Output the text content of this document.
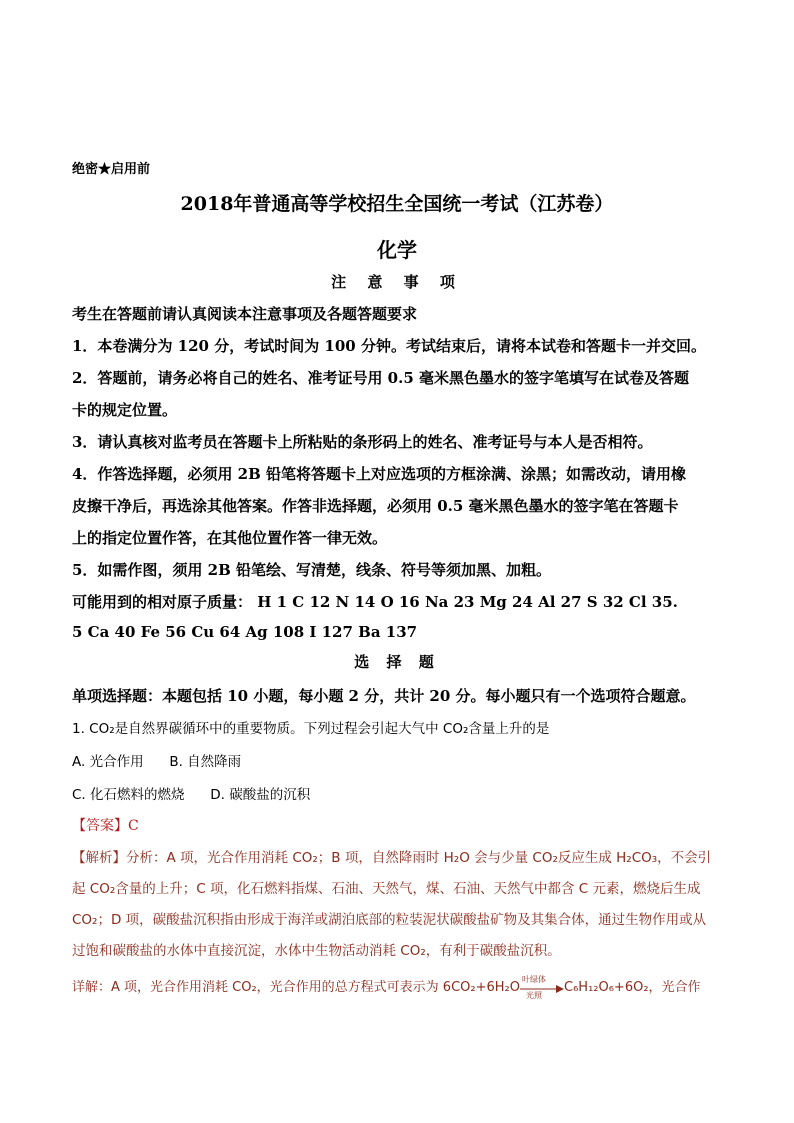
绝密★启用前
2018年普通高等学校招生全国统一考试（江苏卷）
化学
注 意 事 项
考生在答题前请认真阅读本注意事项及各题答题要求
1．本卷满分为 120 分，考试时间为 100 分钟。考试结束后，请将本试卷和答题卡一并交回。
2．答题前，请务必将自己的姓名、准考证号用 0.5 毫米黑色墨水的签字笔填写在试卷及答题
卡的规定位置。
3．请认真核对监考员在答题卡上所粘贴的条形码上的姓名、准考证号与本人是否相符。
4．作答选择题，必须用 2B 铅笔将答题卡上对应选项的方框涂满、涂黑；如需改动，请用橡
皮擦干净后，再选涂其他答案。作答非选择题，必须用 0.5 毫米黑色墨水的签字笔在答题卡
上的指定位置作答，在其他位置作答一律无效。
5．如需作图，须用 2B 铅笔绘、写清楚，线条、符号等须加黑、加粗。
可能用到的相对原子质量： H 1 C 12 N 14 O 16 Na 23 Mg 24 Al 27 S 32 Cl 35.
5 Ca 40 Fe 56 Cu 64 Ag 108 I 127 Ba 137
选 择 题
单项选择题：本题包括 10 小题，每小题 2 分，共计 20 分。每小题只有一个选项符合题意。
1. CO₂是自然界碳循环中的重要物质。下列过程会引起大气中 CO₂含量上升的是
A. 光合作用      B. 自然降雨
C. 化石燃料的燃烧      D. 碳酸盐的沉积
【答案】C
【解析】分析：A 项，光合作用消耗 CO₂；B 项，自然降雨时 H₂O 会与少量 CO₂反应生成 H₂CO₃，不会引
起 CO₂含量的上升；C 项，化石燃料指煤、石油、天然气，煤、石油、天然气中都含 C 元素，燃烧后生成
CO₂；D 项，碳酸盐沉积指由形成于海洋或湖泊底部的粒装泥状碳酸盐矿物及其集合体，通过生物作用或从
过饱和碳酸盐的水体中直接沉淀，水体中生物活动消耗 CO₂，有利于碳酸盐沉积。
详解：A 项，光合作用消耗 CO₂，光合作用的总方程式可表示为 6CO₂+6H₂O
叶绿体
光照 C₆H₁₂O₆+6O₂，光合作
